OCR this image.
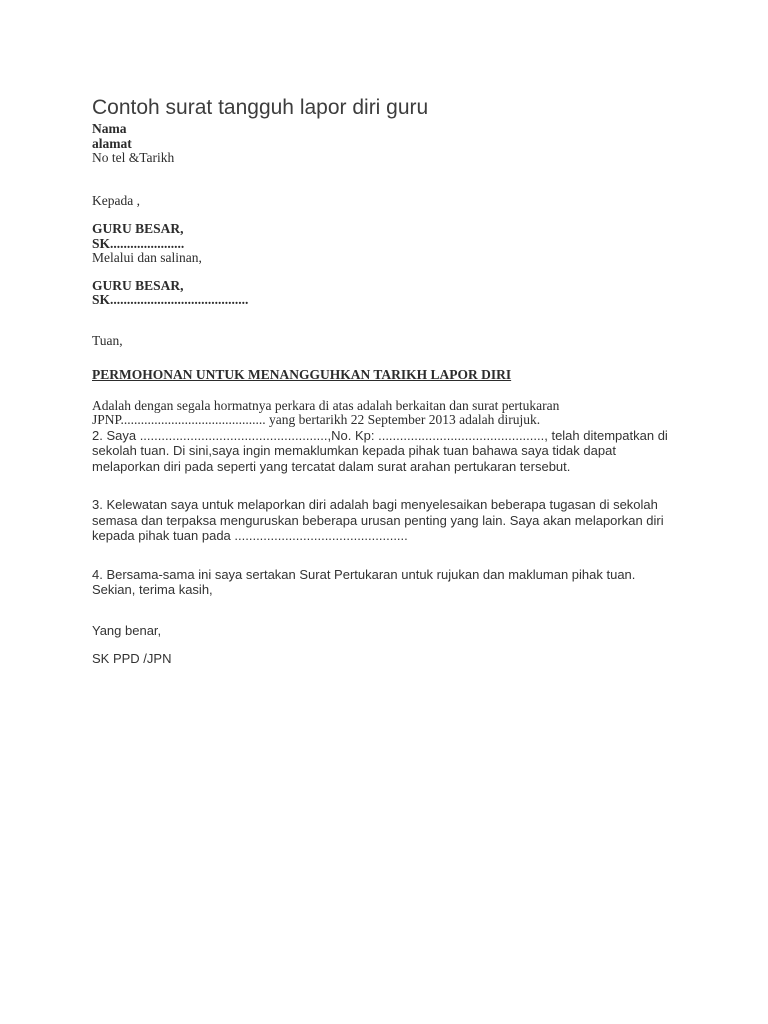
Contoh surat tangguh lapor diri guru
Nama
alamat
No tel &Tarikh
Kepada ,
GURU BESAR,
SK......................
Melalui dan salinan,
GURU BESAR,
SK.........................................
Tuan,
PERMOHONAN UNTUK MENANGGUHKAN TARIKH LAPOR DIRI
Adalah dengan segala hormatnya perkara di atas adalah berkaitan dan surat pertukaran
JPNP........................................... yang bertarikh 22 September 2013 adalah dirujuk.

2. Saya ....................................................,No. Kp: .............................................., telah ditempatkan di sekolah tuan. Di sini,saya ingin memaklumkan kepada pihak tuan bahawa saya tidak dapat melaporkan diri pada seperti yang tercatat dalam surat arahan pertukaran tersebut.

3. Kelewatan saya untuk melaporkan diri adalah bagi menyelesaikan beberapa tugasan di sekolah semasa dan terpaksa menguruskan beberapa urusan penting yang lain. Saya akan melaporkan diri kepada pihak tuan pada ................................................

4. Bersama-sama ini saya sertakan Surat Pertukaran untuk rujukan dan makluman pihak tuan.
Sekian, terima kasih,
Yang benar,
SK PPD /JPN
